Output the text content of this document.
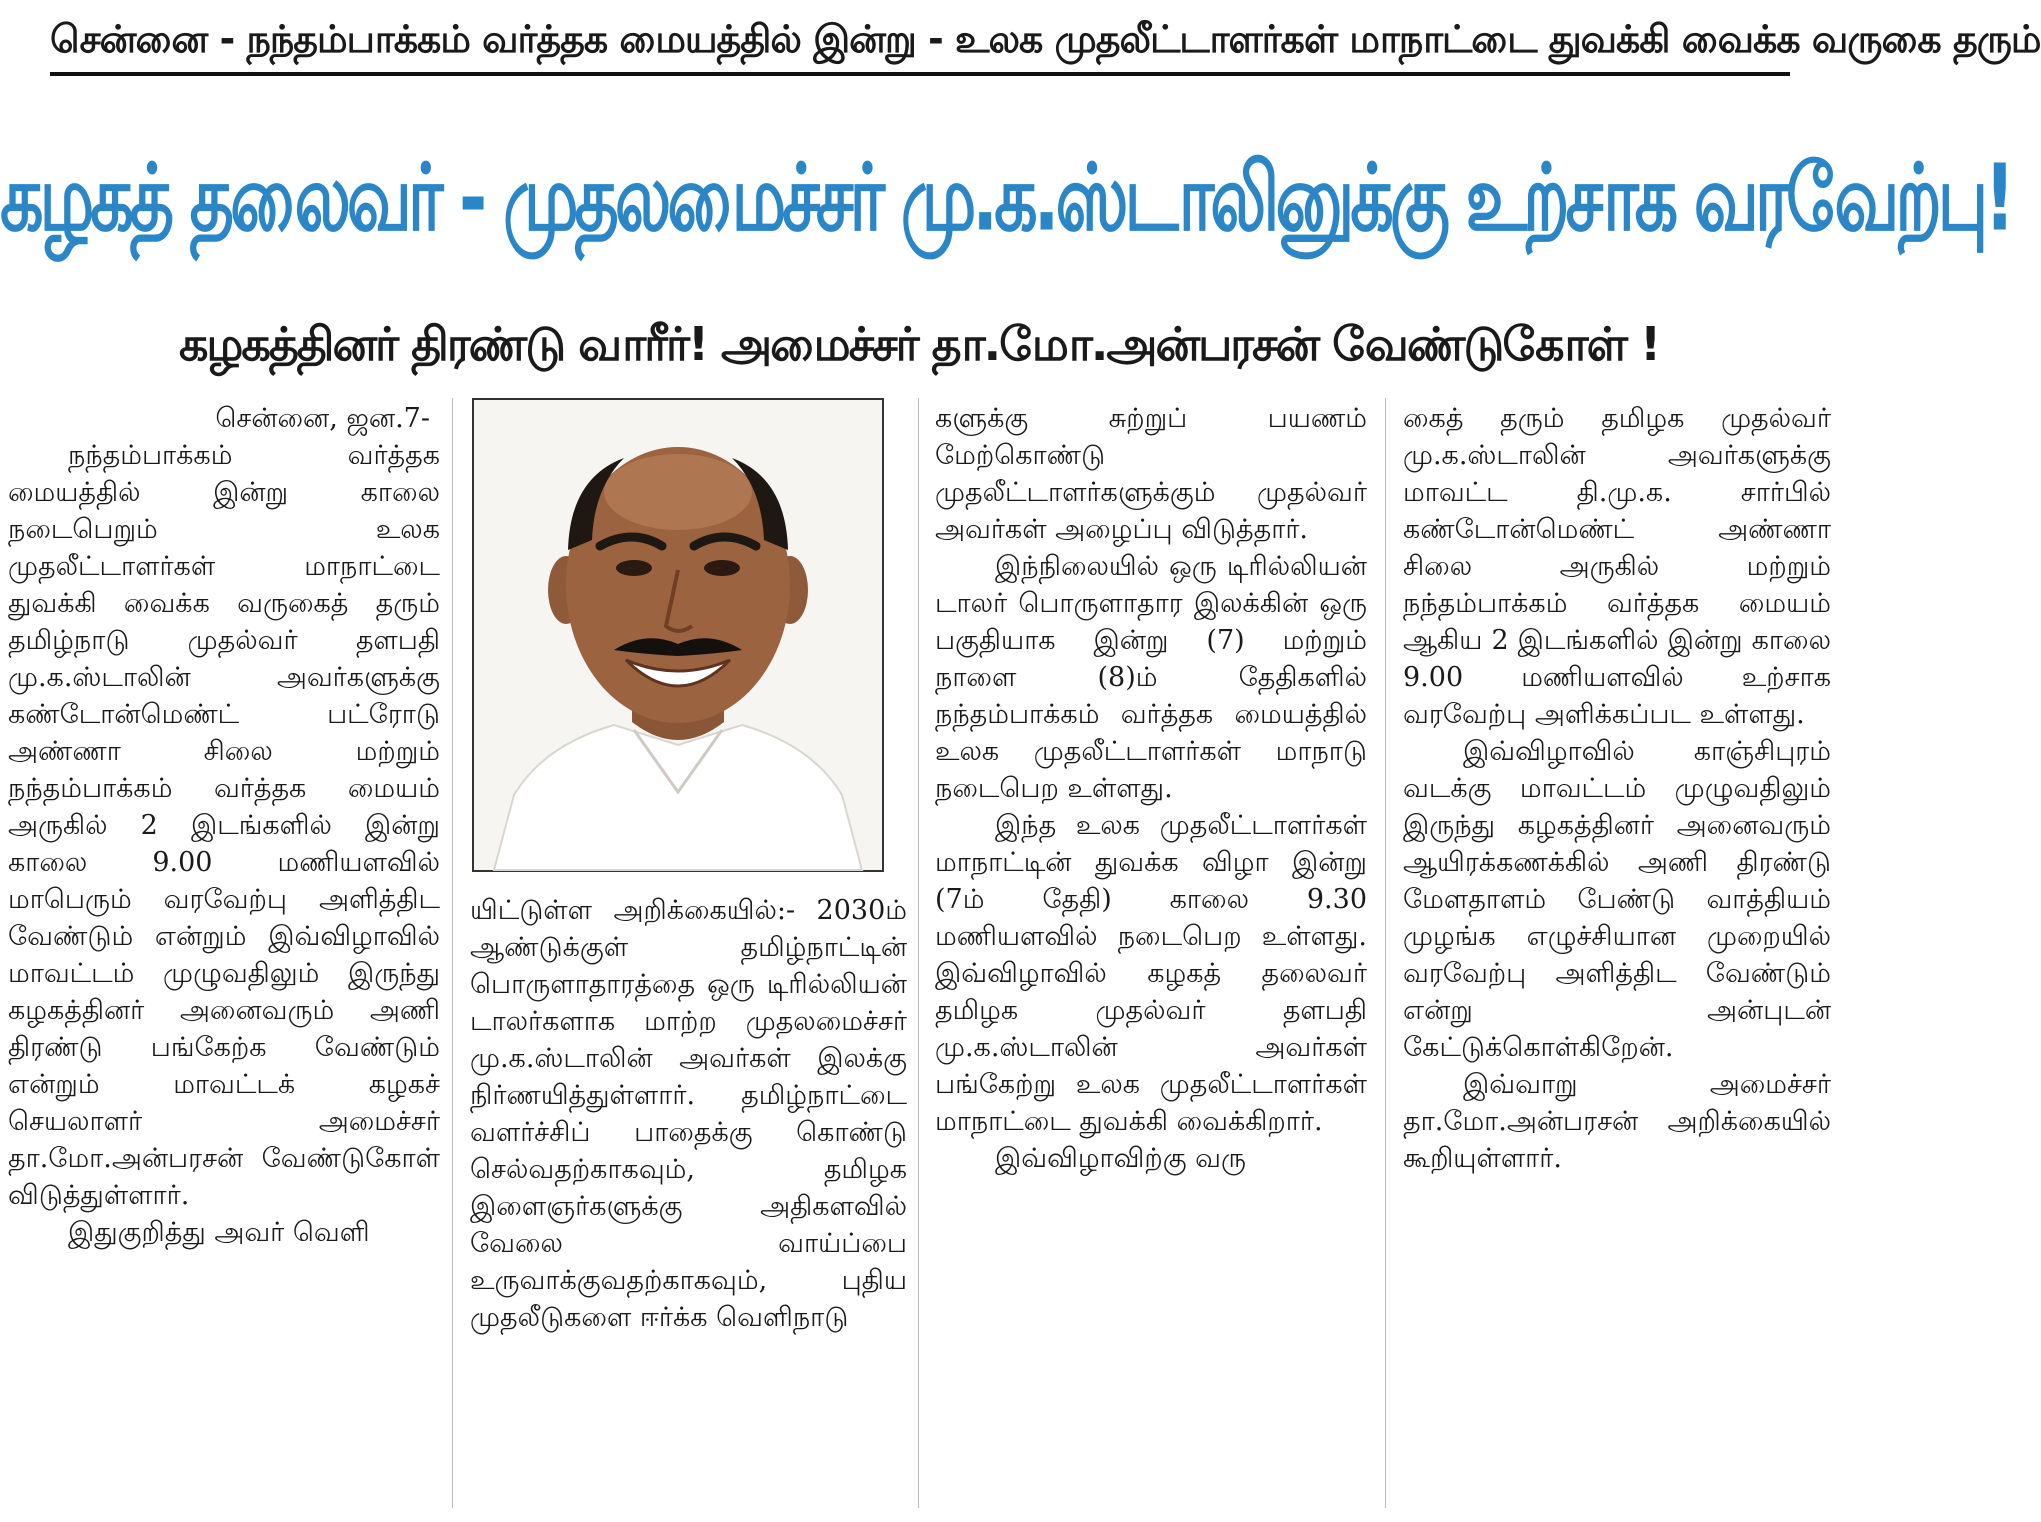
சென்னை - நந்தம்பாக்கம் வர்த்தக மையத்தில் இன்று - உலக முதலீட்டாளர்கள் மாநாட்டை துவக்கி வைக்க வருகை தரும்
கழகத் தலைவர் - முதலமைச்சர் மு.க.ஸ்டாலினுக்கு உற்சாக வரவேற்பு!
கழகத்தினர் திரண்டு வாரீர்! அமைச்சர் தா.மோ.அன்பரசன் வேண்டுகோள் !

சென்னை, ஜன.7-

நந்தம்பாக்கம் வர்த்தக மையத்தில் இன்று காலை நடைபெறும் உலக முதலீட்டாளர்கள் மாநாட்டை துவக்கி வைக்க வருகைத் தரும் தமிழ்நாடு முதல்வர் தளபதி மு.க.ஸ்டாலின் அவர்களுக்கு கண்டோன்மெண்ட் பட்ரோடு அண்ணா சிலை மற்றும் நந்தம்பாக்கம் வர்த்தக மையம் அருகில் 2 இடங்களில் இன்று காலை 9.00 மணியளவில் மாபெரும் வரவேற்பு அளித்திட வேண்டும் என்றும் இவ்விழாவில் மாவட்டம் முழுவதிலும் இருந்து கழகத்தினர் அனைவரும் அணி திரண்டு பங்கேற்க வேண்டும் என்றும் மாவட்டக் கழகச் செயலாளர் அமைச்சர் தா.மோ.அன்பரசன் வேண்டுகோள் விடுத்துள்ளார்.

இதுகுறித்து அவர் வெளி

யிட்டுள்ள அறிக்கையில்:- 2030ம் ஆண்டுக்குள் தமிழ்நாட்டின் பொருளாதாரத்தை ஒரு டிரில்லியன் டாலர்களாக மாற்ற முதலமைச்சர் மு.க.ஸ்டாலின் அவர்கள் இலக்கு நிர்ணயித்துள்ளார். தமிழ்நாட்டை வளர்ச்சிப் பாதைக்கு கொண்டு செல்வதற்காகவும், தமிழக இளைஞர்களுக்கு அதிகளவில் வேலை வாய்ப்பை உருவாக்குவதற்காகவும், புதிய முதலீடுகளை ஈர்க்க வெளிநாடு

களுக்கு சுற்றுப் பயணம் மேற்கொண்டு முதலீட்டாளர்களுக்கும் முதல்வர் அவர்கள் அழைப்பு விடுத்தார்.

இந்நிலையில் ஒரு டிரில்லியன் டாலர் பொருளாதார இலக்கின் ஒரு பகுதியாக இன்று (7) மற்றும் நாளை (8)ம் தேதிகளில் நந்தம்பாக்கம் வர்த்தக மையத்தில் உலக முதலீட்டாளர்கள் மாநாடு நடைபெற உள்ளது.

இந்த உலக முதலீட்டாளர்கள் மாநாட்டின் துவக்க விழா இன்று (7ம் தேதி) காலை 9.30 மணியளவில் நடைபெற உள்ளது. இவ்விழாவில் கழகத் தலைவர் தமிழக முதல்வர் தளபதி மு.க.ஸ்டாலின் அவர்கள் பங்கேற்று உலக முதலீட்டாளர்கள் மாநாட்டை துவக்கி வைக்கிறார்.

இவ்விழாவிற்கு வரு

கைத் தரும் தமிழக முதல்வர் மு.க.ஸ்டாலின் அவர்களுக்கு மாவட்ட தி.மு.க. சார்பில் கண்டோன்மெண்ட் அண்ணா சிலை அருகில் மற்றும் நந்தம்பாக்கம் வர்த்தக மையம் ஆகிய 2 இடங்களில் இன்று காலை 9.00 மணியளவில் உற்சாக வரவேற்பு அளிக்கப்பட உள்ளது.

இவ்விழாவில் காஞ்சிபுரம் வடக்கு மாவட்டம் முழுவதிலும் இருந்து கழகத்தினர் அனைவரும் ஆயிரக்கணக்கில் அணி திரண்டு மேளதாளம் பேண்டு வாத்தியம் முழங்க எழுச்சியான முறையில் வரவேற்பு அளித்திட வேண்டும் என்று அன்புடன் கேட்டுக்கொள்கிறேன்.

இவ்வாறு அமைச்சர் தா.மோ.அன்பரசன் அறிக்கையில் கூறியுள்ளார்.
